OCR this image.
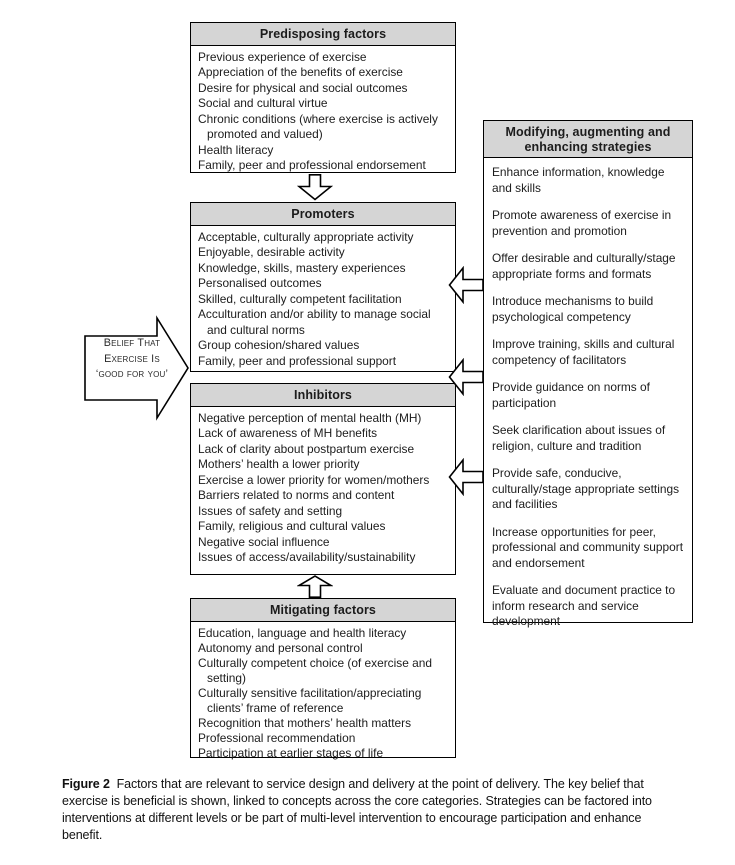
Predisposing factors
Previous experience of exercise
Appreciation of the benefits of exercise
Desire for physical and social outcomes
Social and cultural virtue
Chronic conditions (where exercise is actively promoted and valued)
Health literacy
Family, peer and professional endorsement
Promoters
Acceptable, culturally appropriate activity
Enjoyable, desirable activity
Knowledge, skills, mastery experiences
Personalised outcomes
Skilled, culturally competent facilitation
Acculturation and/or ability to manage social and cultural norms
Group cohesion/shared values
Family, peer and professional support
Inhibitors
Negative perception of mental health (MH)
Lack of awareness of MH benefits
Lack of clarity about postpartum exercise
Mothers’ health a lower priority
Exercise a lower priority for women/mothers
Barriers related to norms and content
Issues of safety and setting
Family, religious and cultural values
Negative social influence
Issues of access/availability/sustainability
Mitigating factors
Education, language and health literacy
Autonomy and personal control
Culturally competent choice (of exercise and setting)
Culturally sensitive facilitation/appreciating clients’ frame of reference
Recognition that mothers’ health matters
Professional recommendation
Participation at earlier stages of life
Modifying, augmenting and enhancing strategies
Enhance information, knowledge and skills
Promote awareness of exercise in prevention and promotion
Offer desirable and culturally/stage appropriate forms and formats
Introduce mechanisms to build psychological competency
Improve training, skills and cultural competency of facilitators
Provide guidance on norms of participation
Seek clarification about issues of religion, culture and tradition
Provide safe, conducive, culturally/stage appropriate settings and facilities
Increase opportunities for peer, professional and community support and endorsement
Evaluate and document practice to inform research and service development
Belief That
Exercise Is
‘good for you’

Figure 2 Factors that are relevant to service design and delivery at the point of delivery. The key belief that exercise is beneficial is shown, linked to concepts across the core categories. Strategies can be factored into interventions at different levels or be part of multi-level intervention to encourage participation and enhance benefit.
